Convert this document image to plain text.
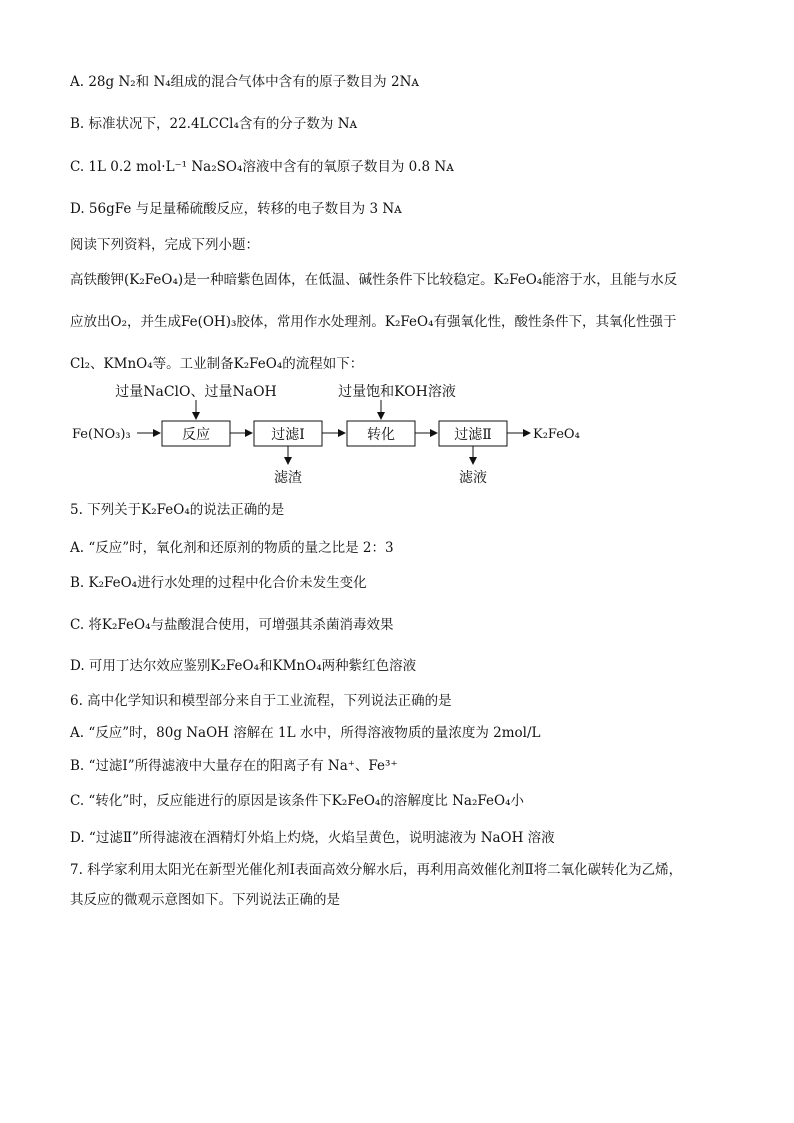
A. 28g N₂和 N₄组成的混合气体中含有的原子数目为 2Nᴀ
B. 标准状况下，22.4LCCl₄含有的分子数为 Nᴀ
C. 1L 0.2 mol·L⁻¹ Na₂SO₄溶液中含有的氧原子数目为 0.8 Nᴀ
D. 56gFe 与足量稀硫酸反应，转移的电子数目为 3 Nᴀ
阅读下列资料，完成下列小题：
高铁酸钾(K₂FeO₄)是一种暗紫色固体，在低温、碱性条件下比较稳定。K₂FeO₄能溶于水，且能与水反
应放出O₂，并生成Fe(OH)₃胶体，常用作水处理剂。K₂FeO₄有强氧化性，酸性条件下，其氧化性强于
Cl₂、KMnO₄等。工业制备K₂FeO₄的流程如下：
Fe(NO₃)₃	反应	过滤Ⅰ	转化	过滤Ⅱ	K₂FeO₄
过量NaClO、过量NaOH	过量饱和KOH溶液
滤渣	滤液
5. 下列关于K₂FeO₄的说法正确的是
A. “反应”时，氧化剂和还原剂的物质的量之比是 2：3
B. K₂FeO₄进行水处理的过程中化合价未发生变化
C. 将K₂FeO₄与盐酸混合使用，可增强其杀菌消毒效果
D. 可用丁达尔效应鉴别K₂FeO₄和KMnO₄两种紫红色溶液
6. 高中化学知识和模型部分来自于工业流程，下列说法正确的是
A. “反应”时，80g NaOH 溶解在 1L 水中，所得溶液物质的量浓度为 2mol/L
B. “过滤Ⅰ”所得滤液中大量存在的阳离子有 Na⁺、Fe³⁺
C. “转化”时，反应能进行的原因是该条件下K₂FeO₄的溶解度比 Na₂FeO₄小
D. “过滤Ⅱ”所得滤液在酒精灯外焰上灼烧，火焰呈黄色，说明滤液为 NaOH 溶液
7. 科学家利用太阳光在新型光催化剂Ⅰ表面高效分解水后，再利用高效催化剂Ⅱ将二氧化碳转化为乙烯，
其反应的微观示意图如下。下列说法正确的是
